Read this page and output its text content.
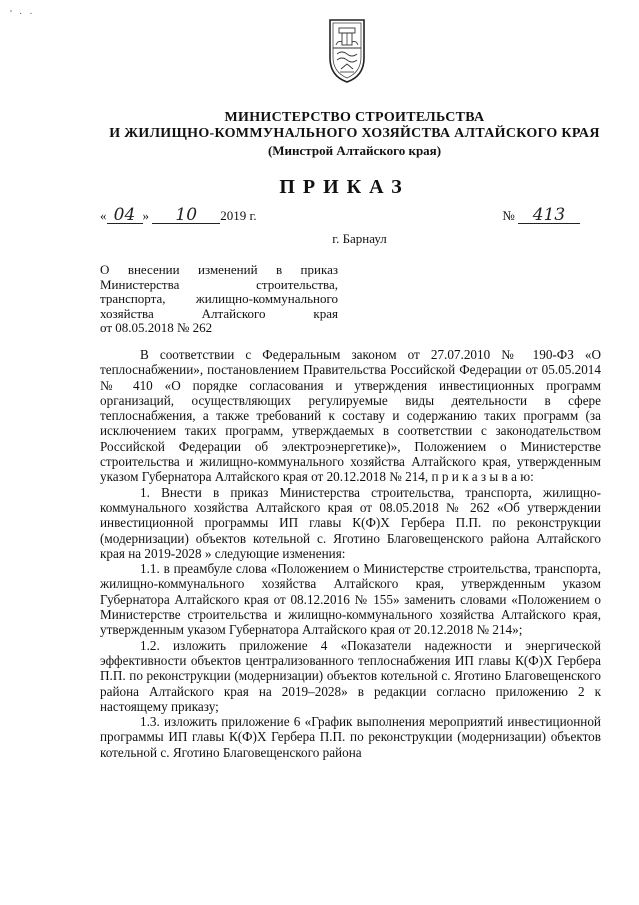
' · ·
МИНИСТЕРСТВО СТРОИТЕЛЬСТВА
И ЖИЛИЩНО-КОММУНАЛЬНОГО ХОЗЯЙСТВА АЛТАЙСКОГО КРАЯ
(Минстрой Алтайского края)
ПРИКАЗ
« 04 » 10 2019 г.	№ 413
г. Барнаул
О внесении изменений в приказ
Министерства строительства,
транспорта, жилищно-коммунального
хозяйства Алтайского края
от 08.05.2018 № 262

В соответствии с Федеральным законом от 27.07.2010 № 190-ФЗ «О теплоснабжении», постановлением Правительства Российской Федерации от 05.05.2014 № 410 «О порядке согласования и утверждения инвестиционных программ организаций, осуществляющих регулируемые виды деятельности в сфере теплоснабжения, а также требований к составу и содержанию таких программ (за исключением таких программ, утверждаемых в соответствии с законодательством Российской Федерации об электроэнергетике)», Положением о Министерстве строительства и жилищно-коммунального хозяйства Алтайского края, утвержденным указом Губернатора Алтайского края от 20.12.2018 № 214, п р и к а з ы в а ю:

1. Внести в приказ Министерства строительства, транспорта, жилищно-коммунального хозяйства Алтайского края от 08.05.2018 № 262 «Об утверждении инвестиционной программы ИП главы К(Ф)Х Гербера П.П. по реконструкции (модернизации) объектов котельной с. Яготино Благовещенского района Алтайского края на 2019-2028 » следующие изменения:

1.1. в преамбуле слова «Положением о Министерстве строительства, транспорта, жилищно-коммунального хозяйства Алтайского края, утвержденным указом Губернатора Алтайского края от 08.12.2016 № 155» заменить словами «Положением о Министерстве строительства и жилищно-коммунального хозяйства Алтайского края, утвержденным указом Губернатора Алтайского края от 20.12.2018 № 214»;

1.2. изложить приложение 4 «Показатели надежности и энергической эффективности объектов централизованного теплоснабжения ИП главы К(Ф)Х Гербера П.П. по реконструкции (модернизации) объектов котельной с. Яготино Благовещенского района Алтайского края на 2019–2028» в редакции согласно приложению 2 к настоящему приказу;

1.3. изложить приложение 6 «График выполнения мероприятий инвестиционной программы ИП главы К(Ф)Х Гербера П.П. по реконструкции (модернизации) объектов котельной с. Яготино Благовещенского района
